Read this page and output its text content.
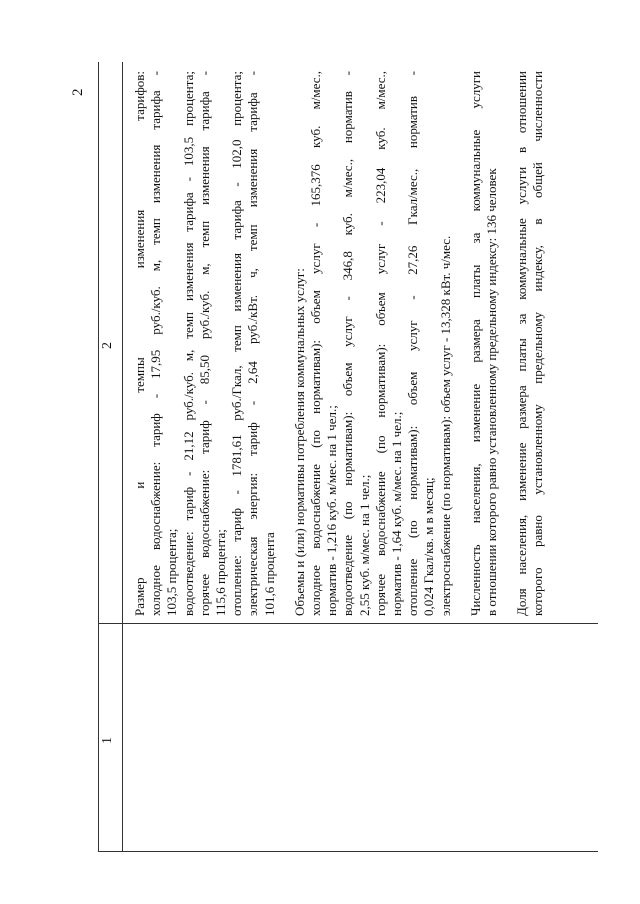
2
1
2 Размер и темпы изменения тарифов: холодное водоснабжение: тариф - 17,95 руб./куб. м, темп изменения тарифа - 103,5 процента; водоотведение: тариф - 21,12 руб./куб. м, темп изменения тарифа - 103,5 процента; горячее водоснабжение: тариф - 85,50 руб./куб. м, темп изменения тарифа - 115,6 процента; отопление: тариф - 1781,61 руб./Гкал, темп изменения тарифа - 102,0 процента; электрическая энергия: тариф - 2,64 руб./кВт. ч, темп изменения тарифа - 101,6 процента Объемы и (или) нормативы потребления коммунальных услуг: холодное водоснабжение (по нормативам): объем услуг - 165,376 куб. м/мес., норматив - 1,216 куб. м/мес. на 1 чел.; водоотведение (по нормативам): объем услуг - 346,8 куб. м/мес., норматив - 2,55 куб. м/мес. на 1 чел.; горячее водоснабжение (по нормативам): объем услуг - 223,04 куб. м/мес., норматив - 1,64 куб. м/мес. на 1 чел.; отопление (по нормативам): объем услуг - 27,26 Гкал/мес., норматив - 0,024 Гкал/кв. м в месяц; электроснабжение (по нормативам): объем услуг - 13,328 кВт. ч/мес. Численность населения, изменение размера платы за коммунальные услуги в отношении которого равно установленному предельному индексу: 136 человек Доля населения, изменение размера платы за коммунальные услуги в отношении которого равно установленному предельному индексу, в общей численности
